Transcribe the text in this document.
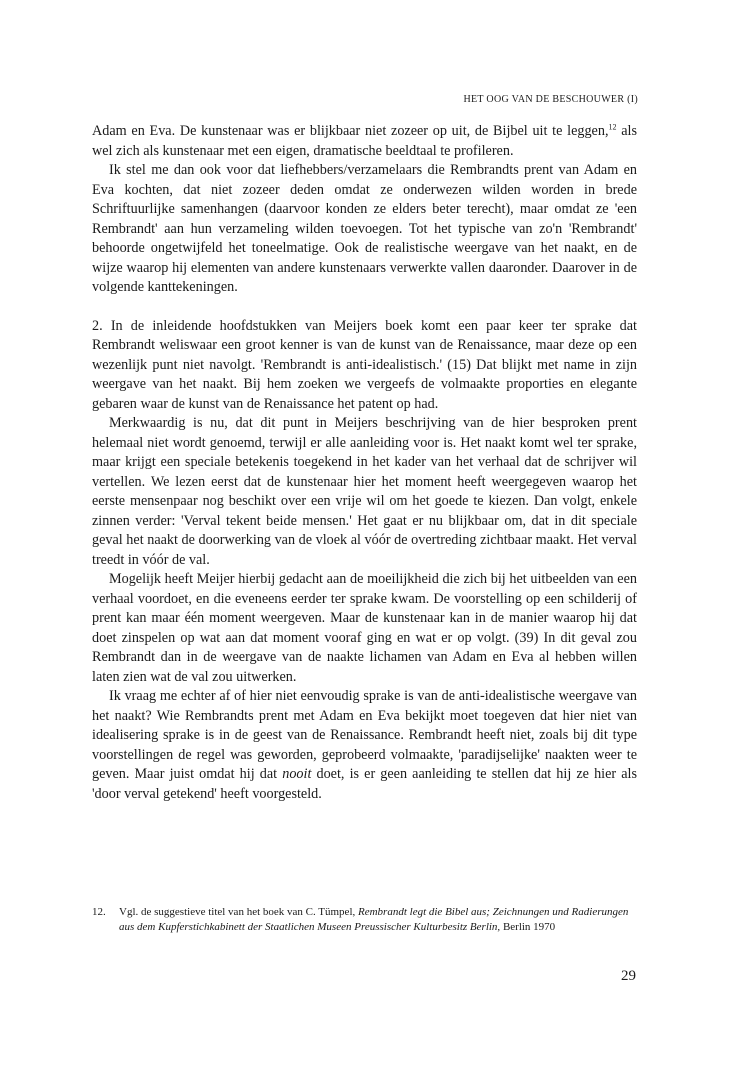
HET OOG VAN DE BESCHOUWER (I)

Adam en Eva. De kunstenaar was er blijkbaar niet zozeer op uit, de Bijbel uit te leggen,$^{12}$ als wel zich als kunstenaar met een eigen, dramatische beeldtaal te profileren.

Ik stel me dan ook voor dat liefhebbers/verzamelaars die Rembrandts prent van Adam en Eva kochten, dat niet zozeer deden omdat ze onderwezen wilden worden in brede Schriftuurlijke samenhangen (daarvoor konden ze elders beter terecht), maar omdat ze 'een Rembrandt' aan hun verzameling wilden toevoegen. Tot het typische van zo'n 'Rembrandt' behoorde ongetwijfeld het toneelmatige. Ook de realistische weergave van het naakt, en de wijze waarop hij elementen van andere kunstenaars verwerkte vallen daaronder. Daarover in de volgende kanttekeningen.

2. In de inleidende hoofdstukken van Meijers boek komt een paar keer ter sprake dat Rembrandt weliswaar een groot kenner is van de kunst van de Renaissance, maar deze op een wezenlijk punt niet navolgt. 'Rembrandt is anti-idealistisch.' (15) Dat blijkt met name in zijn weergave van het naakt. Bij hem zoeken we vergeefs de volmaakte proporties en elegante gebaren waar de kunst van de Renaissance het patent op had.

Merkwaardig is nu, dat dit punt in Meijers beschrijving van de hier besproken prent helemaal niet wordt genoemd, terwijl er alle aanleiding voor is. Het naakt komt wel ter sprake, maar krijgt een speciale betekenis toegekend in het kader van het verhaal dat de schrijver wil vertellen. We lezen eerst dat de kunstenaar hier het moment heeft weergegeven waarop het eerste mensenpaar nog beschikt over een vrije wil om het goede te kiezen. Dan volgt, enkele zinnen verder: 'Verval tekent beide mensen.' Het gaat er nu blijkbaar om, dat in dit speciale geval het naakt de doorwerking van de vloek al vóór de overtreding zichtbaar maakt. Het verval treedt in vóór de val.

Mogelijk heeft Meijer hierbij gedacht aan de moeilijkheid die zich bij het uitbeelden van een verhaal voordoet, en die eveneens eerder ter sprake kwam. De voorstelling op een schilderij of prent kan maar één moment weergeven. Maar de kunstenaar kan in de manier waarop hij dat doet zinspelen op wat aan dat moment vooraf ging en wat er op volgt. (39) In dit geval zou Rembrandt dan in de weergave van de naakte lichamen van Adam en Eva al hebben willen laten zien wat de val zou uitwerken.

Ik vraag me echter af of hier niet eenvoudig sprake is van de anti-idealistische weergave van het naakt? Wie Rembrandts prent met Adam en Eva bekijkt moet toegeven dat hier niet van idealisering sprake is in de geest van de Renaissance. Rembrandt heeft niet, zoals bij dit type voorstellingen de regel was geworden, geprobeerd volmaakte, 'paradijselijke' naakten weer te geven. Maar juist omdat hij dat nooit doet, is er geen aanleiding te stellen dat hij ze hier als 'door verval getekend' heeft voorgesteld.

12.	Vgl. de suggestieve titel van het boek van C. Tümpel, Rembrandt legt die Bibel aus; Zeichnungen und Radierungen aus dem Kupferstichkabinett der Staatlichen Museen Preussischer Kulturbesitz Berlin, Berlin 1970
29
